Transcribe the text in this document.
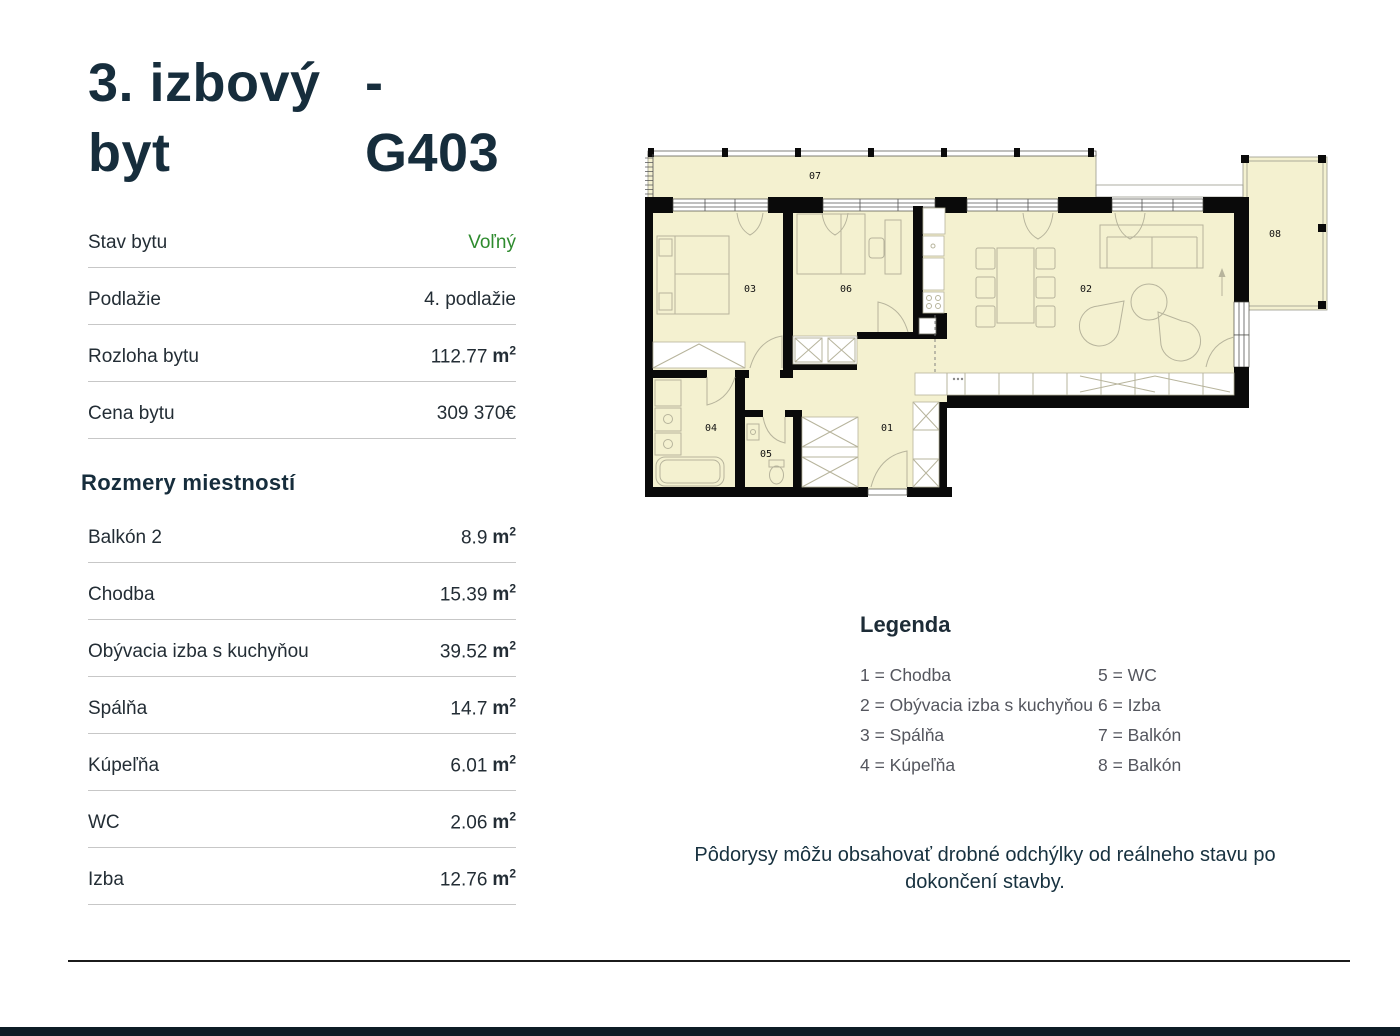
3. izbový byt
- G403
Stav bytu	Voľný
Podlažie	4. podlažie
Rozloha bytu	112.77 $m^2$
Cena bytu	309 370€
Rozmery miestností
Balkón 2	8.9 $m^2$
Chodba	15.39 $m^2$
Obývacia izba s kuchyňou	39.52 $m^2$
Spálňa	14.7 $m^2$
Kúpeľňa	6.01 $m^2$
WC	2.06 $m^2$
Izba	12.76 $m^2$
07
03	06	02
08
04
05
01
Legenda
1 = Chodba
2 = Obývacia izba s kuchyňou
3 = Spálňa
4 = Kúpeľňa
5 = WC
6 = Izba
7 = Balkón
8 = Balkón
Pôdorysy môžu obsahovať drobné odchýlky od reálneho stavu po dokončení stavby.
